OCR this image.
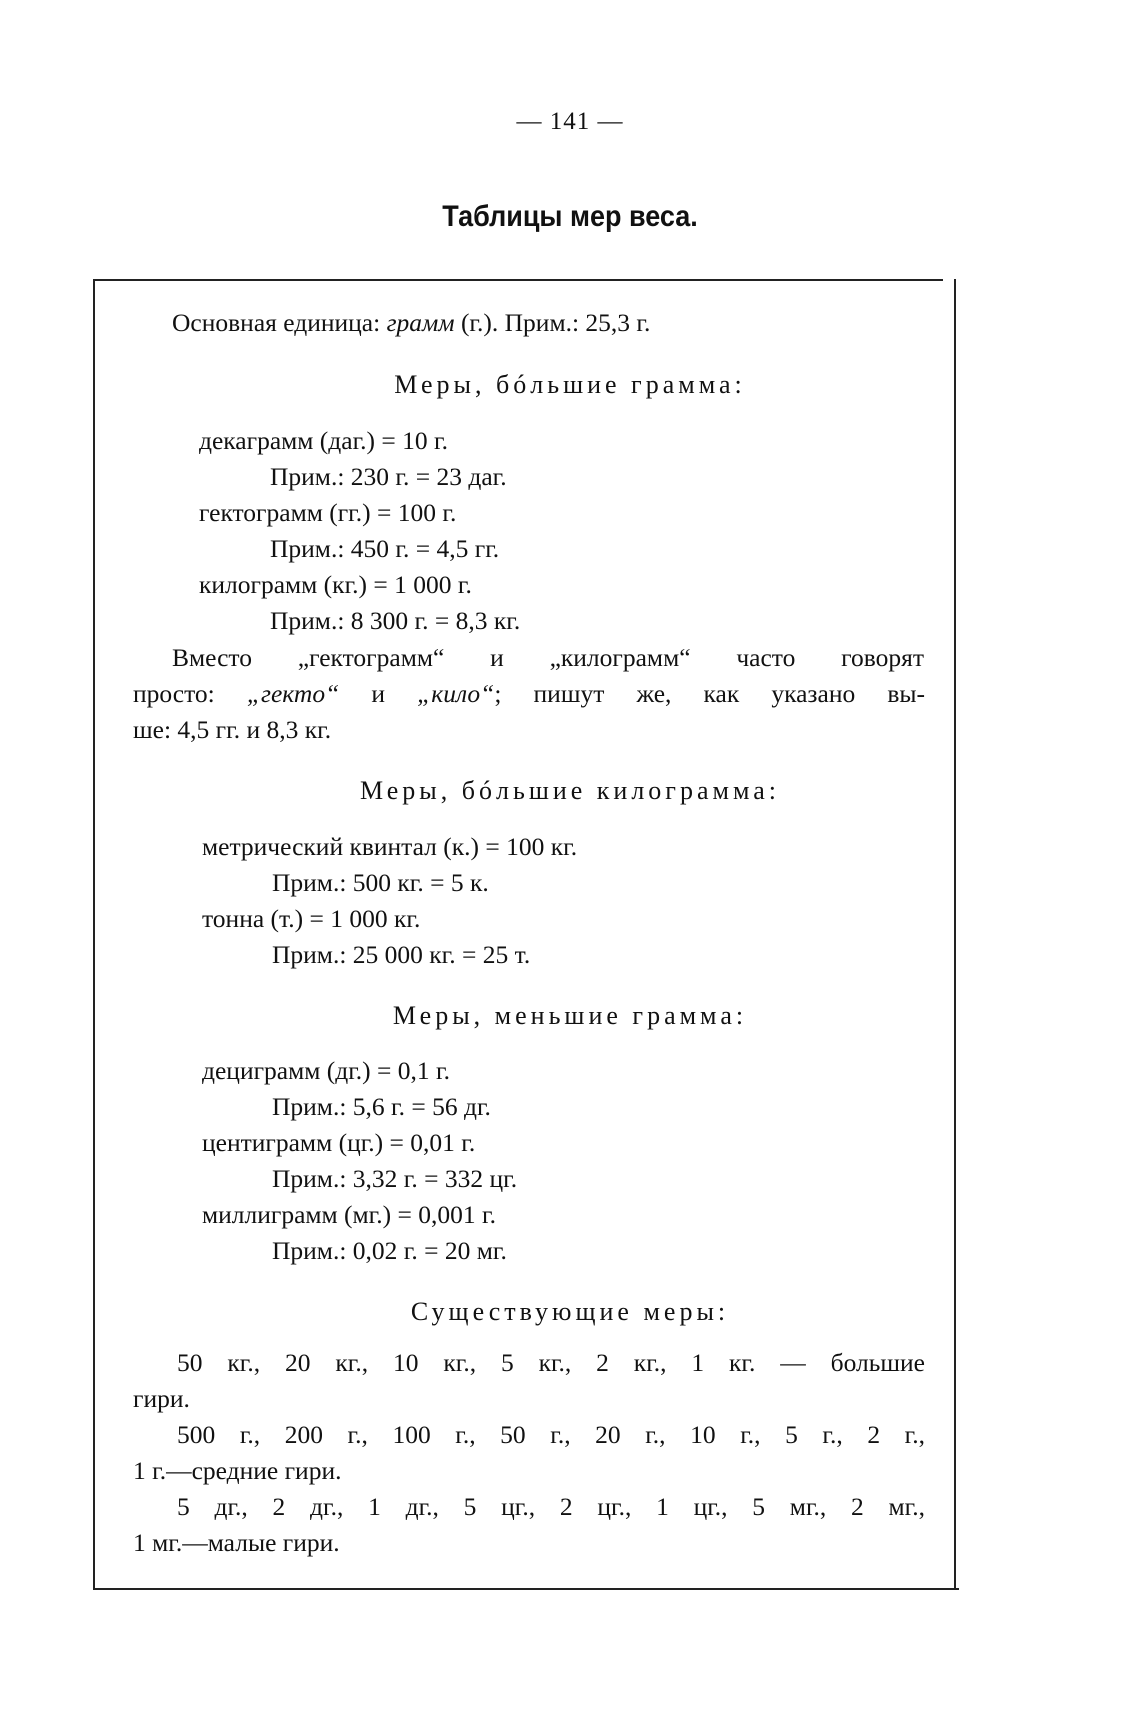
— 141 —
Таблицы мер веса.
Основная единица: грамм (г.). Прим.: 25,3 г.
Меры, бóльшие грамма:
декаграмм (даг.) = 10 г.
Прим.: 230 г. = 23 даг.
гектограмм (гг.) = 100 г.
Прим.: 450 г. = 4,5 гг.
килограмм (кг.) = 1 000 г.
Прим.: 8 300 г. = 8,3 кг.
Вместо „гектограмм“ и „килограмм“ часто говорят
просто: „гекто“ и „кило“; пишут же, как указано вы-
ше: 4,5 гг. и 8,3 кг.
Меры, бóльшие килограмма:
метрический квинтал (к.) = 100 кг.
Прим.: 500 кг. = 5 к.
тонна (т.) = 1 000 кг.
Прим.: 25 000 кг. = 25 т.
Меры, меньшие грамма:
дециграмм (дг.) = 0,1 г.
Прим.: 5,6 г. = 56 дг.
центиграмм (цг.) = 0,01 г.
Прим.: 3,32 г. = 332 цг.
миллиграмм (мг.) = 0,001 г.
Прим.: 0,02 г. = 20 мг.
Существующие меры:
50 кг., 20 кг., 10 кг., 5 кг., 2 кг., 1 кг. — большие
гири.
500 г., 200 г., 100 г., 50 г., 20 г., 10 г., 5 г., 2 г.,
1 г.—средние гири.
5 дг., 2 дг., 1 дг., 5 цг., 2 цг., 1 цг., 5 мг., 2 мг.,
1 мг.—малые гири.
